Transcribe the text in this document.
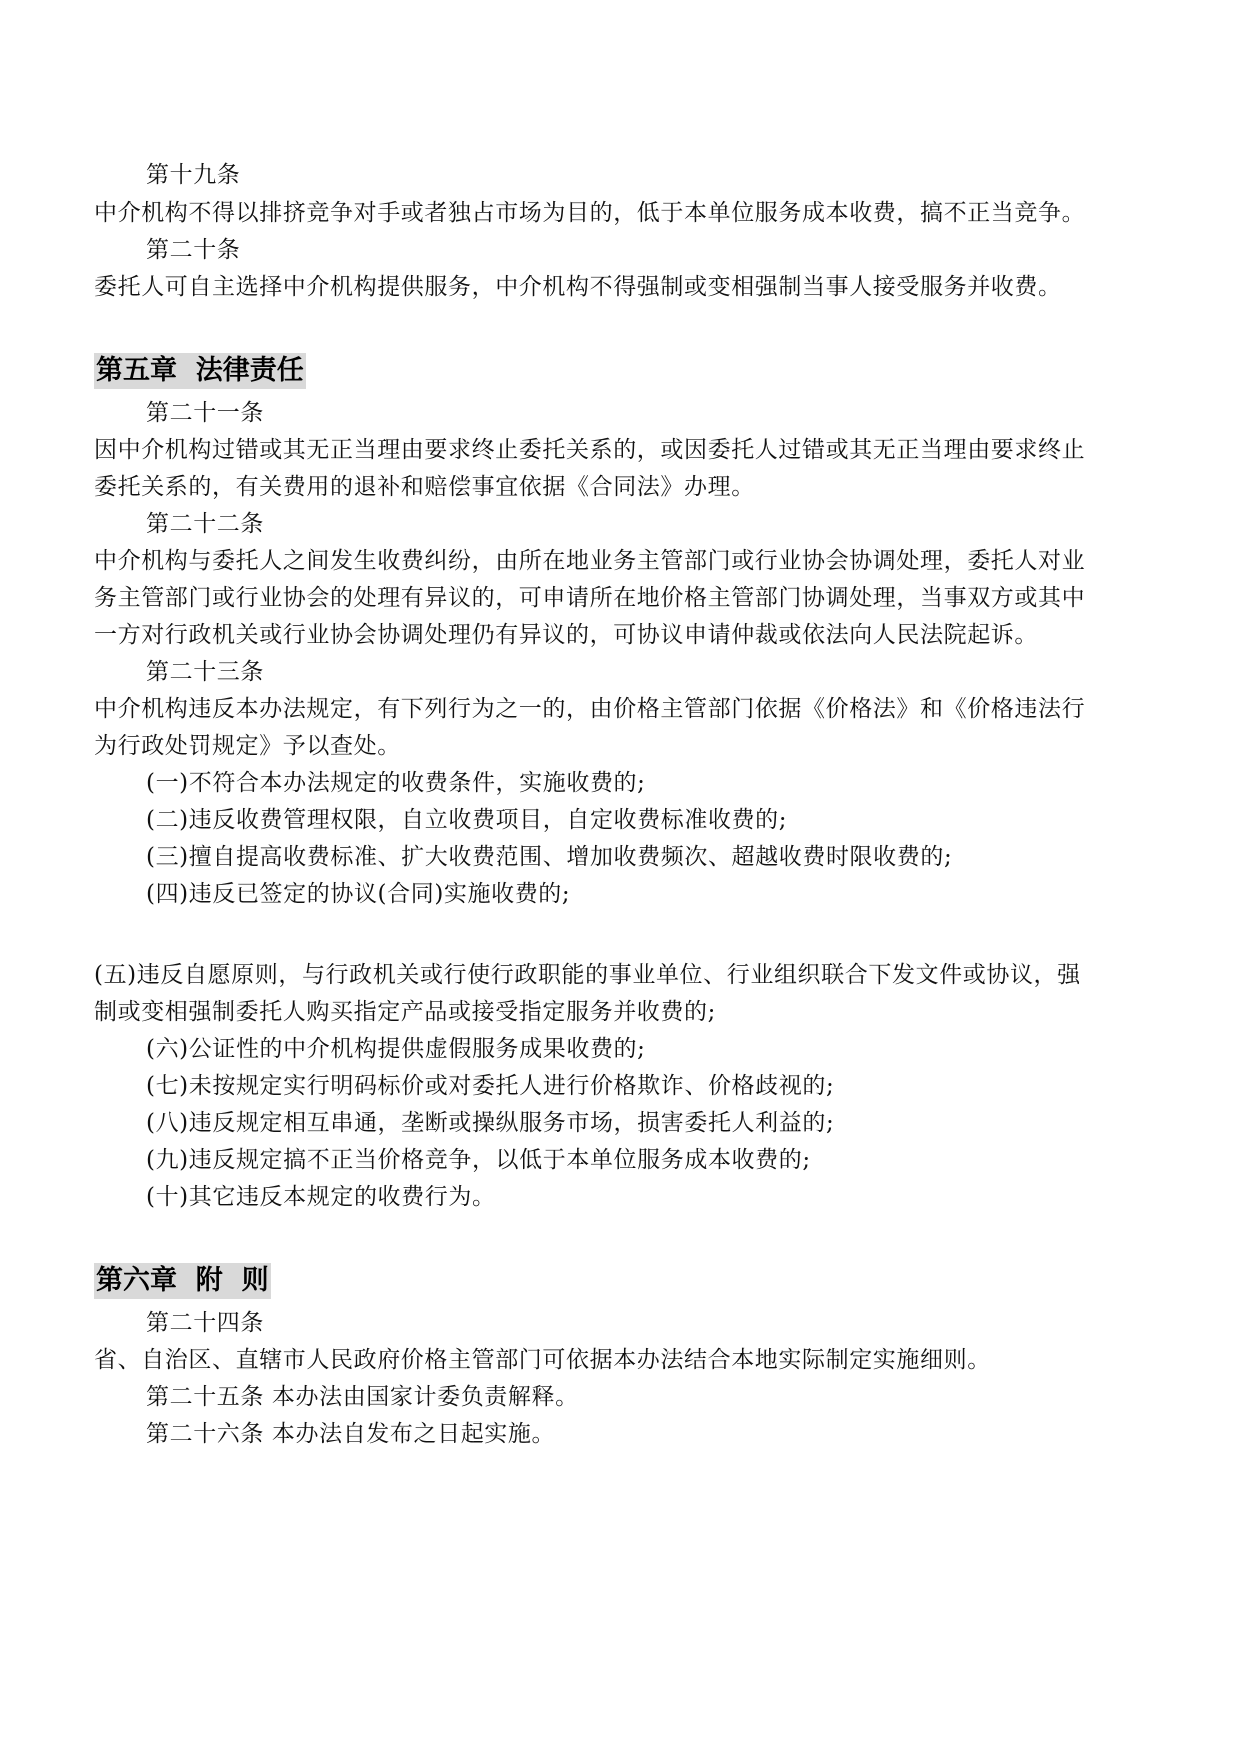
第十九条
中介机构不得以排挤竞争对手或者独占市场为目的，低于本单位服务成本收费，搞不正当竞争。
第二十条
委托人可自主选择中介机构提供服务，中介机构不得强制或变相强制当事人接受服务并收费。
第五章  法律责任
第二十一条
因中介机构过错或其无正当理由要求终止委托关系的，或因委托人过错或其无正当理由要求终止
委托关系的，有关费用的退补和赔偿事宜依据《合同法》办理。
第二十二条
中介机构与委托人之间发生收费纠纷，由所在地业务主管部门或行业协会协调处理，委托人对业
务主管部门或行业协会的处理有异议的，可申请所在地价格主管部门协调处理，当事双方或其中
一方对行政机关或行业协会协调处理仍有异议的，可协议申请仲裁或依法向人民法院起诉。
第二十三条
中介机构违反本办法规定，有下列行为之一的，由价格主管部门依据《价格法》和《价格违法行
为行政处罚规定》予以查处。
(一)不符合本办法规定的收费条件，实施收费的;
(二)违反收费管理权限，自立收费项目，自定收费标准收费的;
(三)擅自提高收费标准、扩大收费范围、增加收费频次、超越收费时限收费的;
(四)违反已签定的协议(合同)实施收费的;
(五)违反自愿原则，与行政机关或行使行政职能的事业单位、行业组织联合下发文件或协议，强
制或变相强制委托人购买指定产品或接受指定服务并收费的;
(六)公证性的中介机构提供虚假服务成果收费的;
(七)未按规定实行明码标价或对委托人进行价格欺诈、价格歧视的;
(八)违反规定相互串通，垄断或操纵服务市场，损害委托人利益的;
(九)违反规定搞不正当价格竞争，以低于本单位服务成本收费的;
(十)其它违反本规定的收费行为。
第六章  附  则
第二十四条
省、自治区、直辖市人民政府价格主管部门可依据本办法结合本地实际制定实施细则。
第二十五条 本办法由国家计委负责解释。
第二十六条 本办法自发布之日起实施。
